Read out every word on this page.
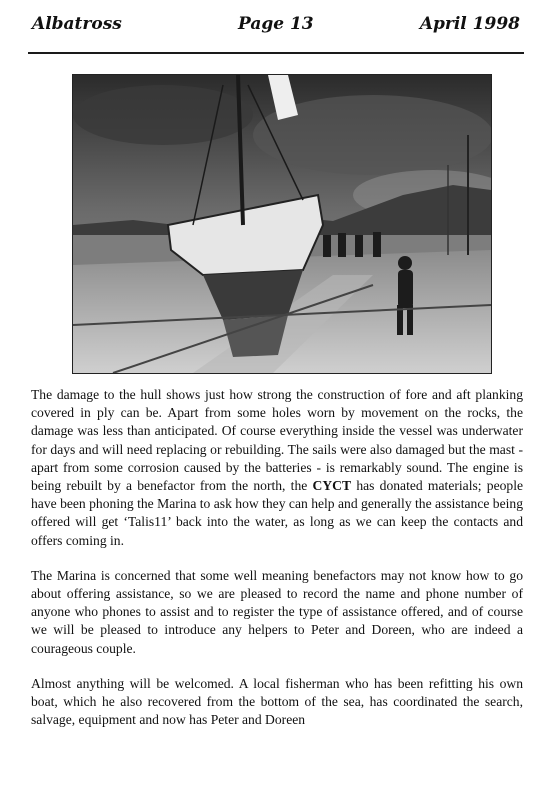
Albatross	Page 13	April 1998

The damage to the hull shows just how strong the construction of fore and aft planking covered in ply can be. Apart from some holes worn by movement on the rocks, the damage was less than anticipated. Of course everything inside the vessel was underwater for days and will need replacing or rebuilding. The sails were also damaged but the mast - apart from some corrosion caused by the batteries - is remarkably sound. The engine is being rebuilt by a benefactor from the north, the CYCT has donated materials; people have been phoning the Marina to ask how they can help and generally the assistance being offered will get ‘Talis11’ back into the water, as long as we can keep the contacts and offers coming in.

The Marina is concerned that some well meaning benefactors may not know how to go about offering assistance, so we are pleased to record the name and phone number of anyone who phones to assist and to register the type of assistance offered, and of course we will be pleased to introduce any helpers to Peter and Doreen, who are indeed a courageous couple.

Almost anything will be welcomed. A local fisherman who has been refitting his own boat, which he also recovered from the bottom of the sea, has coordinated the search, salvage, equipment and now has Peter and Doreen
